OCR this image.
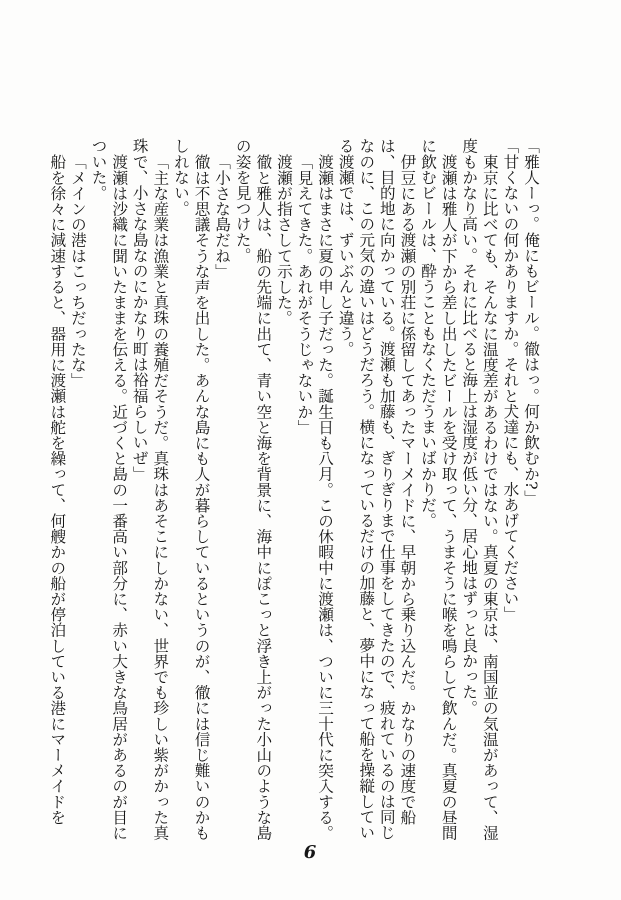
「雅人ーっ。俺にもビール。徹はっ。何か飲むか?」

「甘くないの何かありますか。それと犬達にも、水あげてください」

東京に比べても、そんなに温度差があるわけではない。真夏の東京は、南国並の気温があって、湿度もかなり高い。それに比べると海上は湿度が低い分、居心地はずっと良かった。

渡瀬は雅人が下から差し出したビールを受け取って、うまそうに喉を鳴らして飲んだ。真夏の昼間に飲むビールは、酔うこともなくただうまいばかりだ。

伊豆にある渡瀬の別荘に係留してあったマーメイドに、早朝から乗り込んだ。かなりの速度で船は、目的地に向かっている。渡瀬も加藤も、ぎりぎりまで仕事をしてきたので、疲れているのは同じなのに、この元気の違いはどうだろう。横になっているだけの加藤と、夢中になって船を操縦している渡瀬では、ずいぶんと違う。

渡瀬はまさに夏の申し子だった。誕生日も八月。この休暇中に渡瀬は、ついに三十代に突入する。

「見えてきた。あれがそうじゃないか」

渡瀬が指さして示した。

徹と雅人は、船の先端に出て、青い空と海を背景に、海中にぽこっと浮き上がった小山のような島の姿を見つけた。

「小さな島だね」

徹は不思議そうな声を出した。あんな島にも人が暮らしているというのが、徹には信じ難いのかもしれない。

「主な産業は漁業と真珠の養殖だそうだ。真珠はあそこにしかない、世界でも珍しい紫がかった真珠で、小さな島なのにかなり町は裕福らしいぜ」

渡瀬は沙織に聞いたままを伝える。近づくと島の一番高い部分に、赤い大きな鳥居があるのが目についた。

「メインの港はこっちだったな」

船を徐々に減速すると、器用に渡瀬は舵を繰って、何艘かの船が停泊している港にマーメイドを

6
